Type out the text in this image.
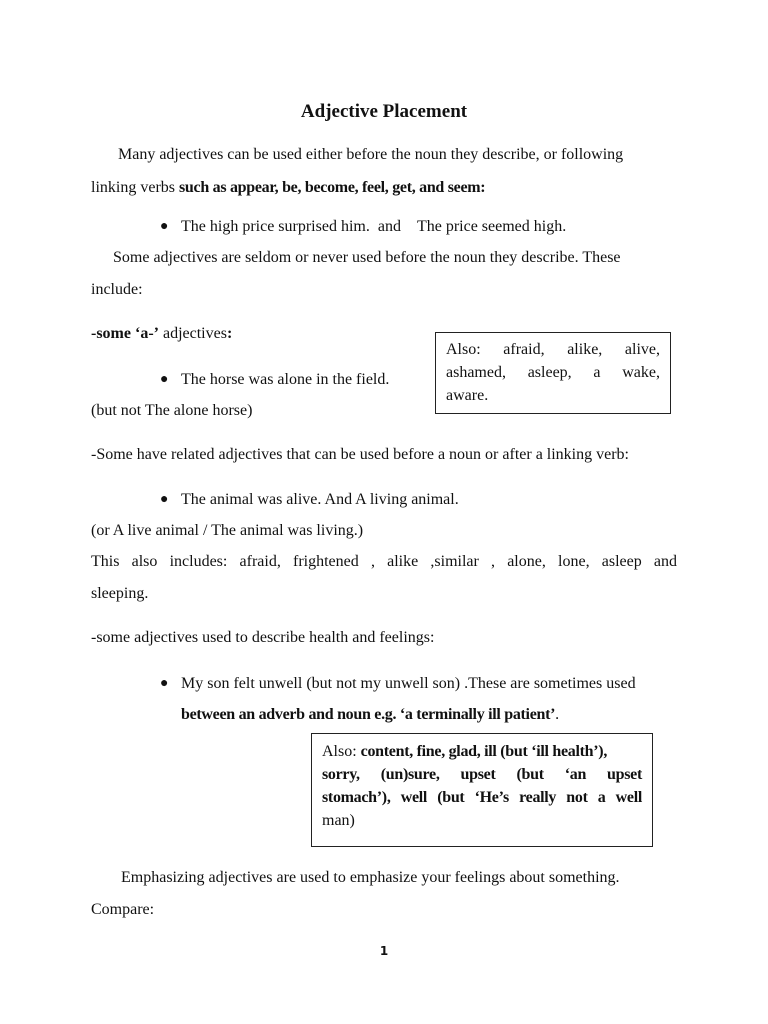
Adjective Placement
Many adjectives can be used either before the noun they describe, or following
linking verbs such as appear, be, become, feel, get, and seem:
● The high price surprised him. and The price seemed high.
Some adjectives are seldom or never used before the noun they describe. These
include:
-some ‘a-’ adjectives:
● The horse was alone in the field.
(but not The alone horse)
Also: afraid, alike, alive,
ashamed, asleep, a wake,
aware.
-Some have related adjectives that can be used before a noun or after a linking verb:
● The animal was alive. And A living animal.
(or A live animal / The animal was living.)
This also includes: afraid, frightened , alike ,similar , alone, lone, asleep and
sleeping.
-some adjectives used to describe health and feelings:
● My son felt unwell (but not my unwell son) .These are sometimes used
between an adverb and noun e.g. ‘a terminally ill patient’.
Also: content, fine, glad, ill (but ‘ill health’),
sorry, (un)sure, upset (but ‘an upset
stomach’), well (but ‘He’s really not a well
man)
Emphasizing adjectives are used to emphasize your feelings about something.
Compare:
1
